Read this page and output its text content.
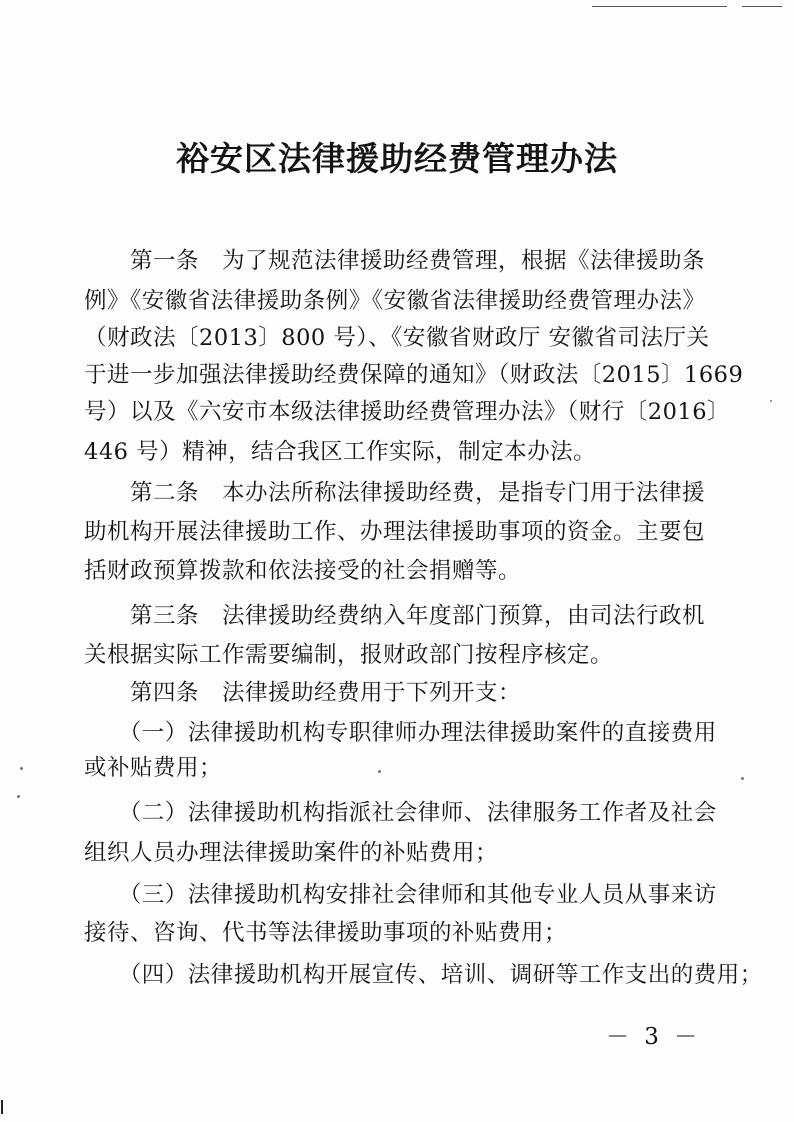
裕安区法律援助经费管理办法
　　第一条　为了规范法律援助经费管理，根据《法律援助条
例》《安徽省法律援助条例》《安徽省法律援助经费管理办法》
（财政法〔2013〕800 号）、《安徽省财政厅 安徽省司法厅关
于进一步加强法律援助经费保障的通知》（财政法〔2015〕1669
号）以及《六安市本级法律援助经费管理办法》（财行〔2016〕
446 号）精神，结合我区工作实际，制定本办法。
　　第二条　本办法所称法律援助经费，是指专门用于法律援
助机构开展法律援助工作、办理法律援助事项的资金。主要包
括财政预算拨款和依法接受的社会捐赠等。
　　第三条　法律援助经费纳入年度部门预算，由司法行政机
关根据实际工作需要编制，报财政部门按程序核定。
　　第四条　法律援助经费用于下列开支：
　　（一）法律援助机构专职律师办理法律援助案件的直接费用
或补贴费用；
　　（二）法律援助机构指派社会律师、法律服务工作者及社会
组织人员办理法律援助案件的补贴费用；
　　（三）法律援助机构安排社会律师和其他专业人员从事来访
接待、咨询、代书等法律援助事项的补贴费用；
　　（四）法律援助机构开展宣传、培训、调研等工作支出的费用；
－ 3 －
